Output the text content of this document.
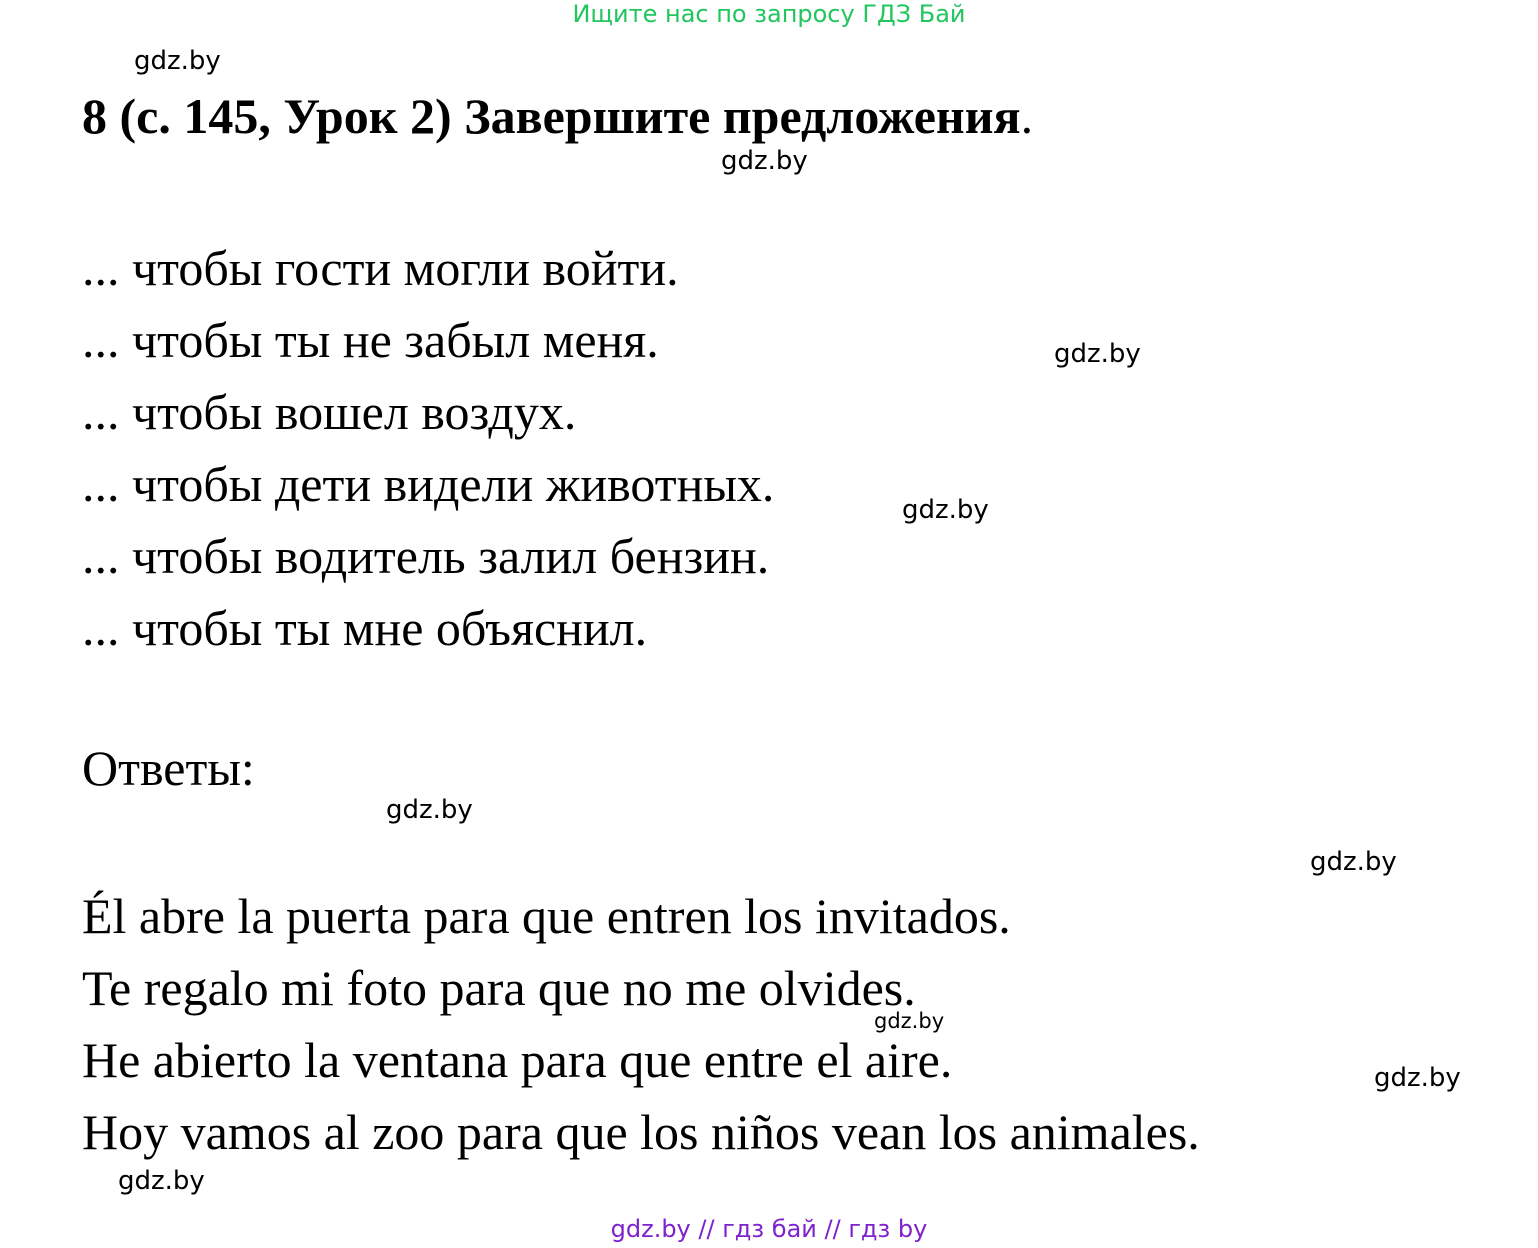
Ищите нас по запросу ГДЗ Бай
gdz.by
8 (с. 145, Урок 2) Завершите предложения.
gdz.by
... чтобы гости могли войти.
... чтобы ты не забыл меня.
... чтобы вошел воздух.
... чтобы дети видели животных.
... чтобы водитель залил бензин.
... чтобы ты мне объяснил.
gdz.by
gdz.by
Ответы:
gdz.by
gdz.by
Él abre la puerta para que entren los invitados.
Te regalo mi foto para que no me olvides.
He abierto la ventana para que entre el aire.
Hoy vamos al zoo para que los niños vean los animales.
gdz.by
gdz.by
gdz.by
gdz.by // гдз бай // гдз by
